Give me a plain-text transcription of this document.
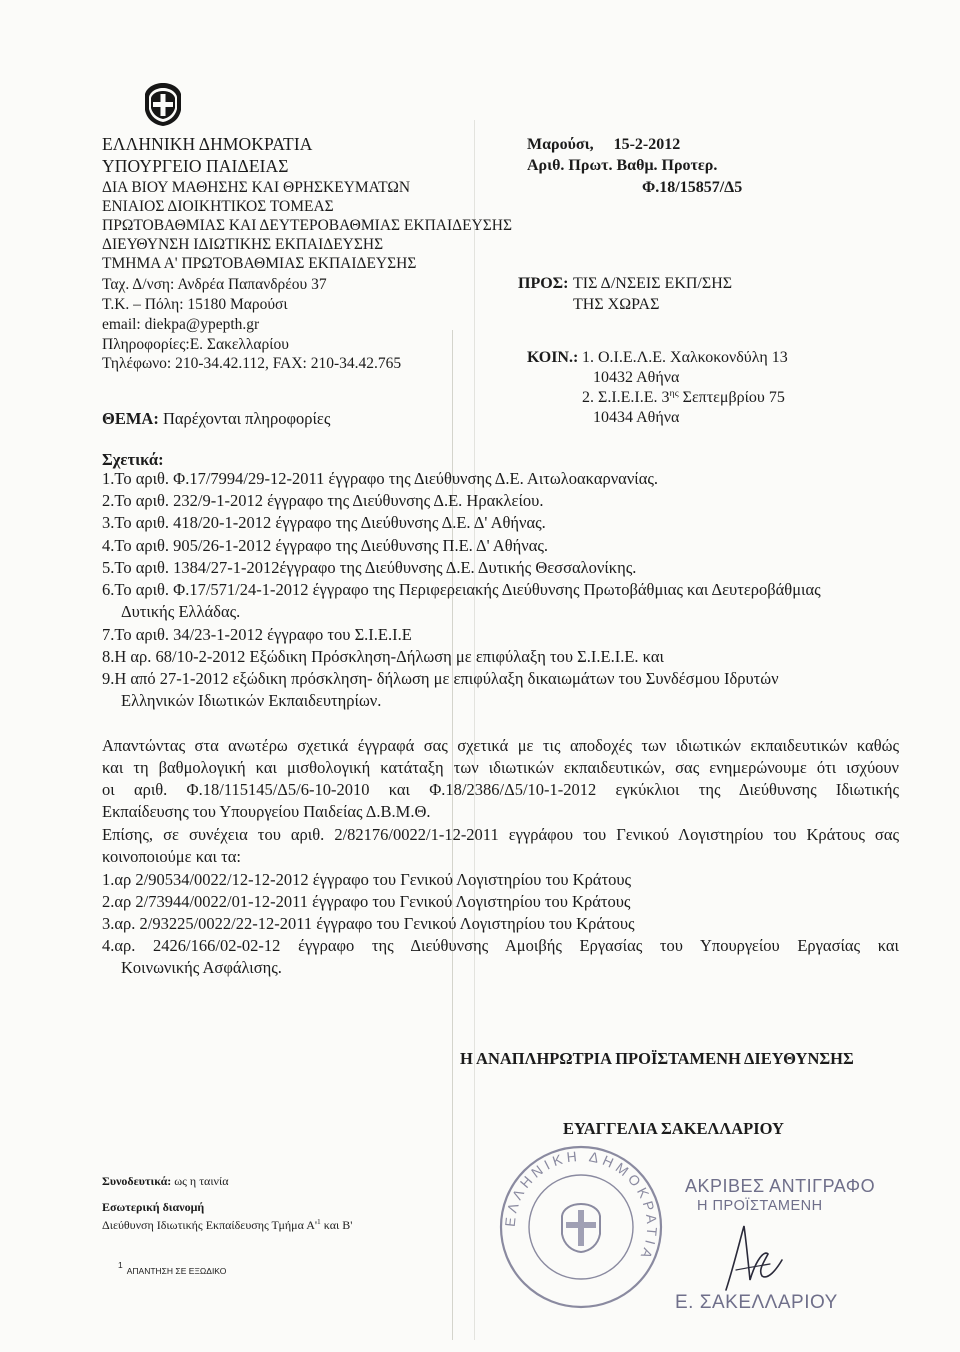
ΕΛΛΗΝΙΚΗ ΔΗΜΟΚΡΑΤΙΑ
ΥΠΟΥΡΓΕΙΟ ΠΑΙΔΕΙΑΣ
ΔΙΑ ΒΙΟΥ ΜΑΘΗΣΗΣ ΚΑΙ ΘΡΗΣΚΕΥΜΑΤΩΝ
ΕΝΙΑΙΟΣ ΔΙΟΙΚΗΤΙΚΟΣ ΤΟΜΕΑΣ
ΠΡΩΤΟΒΑΘΜΙΑΣ ΚΑΙ ΔΕΥΤΕΡΟΒΑΘΜΙΑΣ ΕΚΠΑΙΔΕΥΣΗΣ
ΔΙΕΥΘΥΝΣΗ ΙΔΙΩΤΙΚΗΣ ΕΚΠΑΙΔΕΥΣΗΣ
ΤΜΗΜΑ Α' ΠΡΩΤΟΒΑΘΜΙΑΣ ΕΚΠΑΙΔΕΥΣΗΣ
Ταχ. Δ/νση: Ανδρέα Παπανδρέου 37
Τ.Κ. – Πόλη: 15180 Μαρούσι
email: diekpa@ypepth.gr
Πληροφορίες:Ε. Σακελλαρίου
Τηλέφωνο: 210-34.42.112, FAX: 210-34.42.765
Μαρούσι,     15-2-2012
Αριθ. Πρωτ. Βαθμ. Προτερ.
Φ.18/15857/Δ5
ΠΡΟΣ: ΤΙΣ Δ/ΝΣΕΙΣ ΕΚΠ/ΣΗΣ
ΤΗΣ ΧΩΡΑΣ
ΚΟΙΝ.: 1. Ο.Ι.Ε.Λ.Ε. Χαλκοκονδύλη 13
10432 Αθήνα
2. Σ.Ι.Ε.Ι.Ε. $3^{\eta\varsigma}$ Σεπτεμβρίου 75
10434 Αθήνα
ΘΕΜΑ: Παρέχονται πληροφορίες
Σχετικά:
1.Το αριθ. Φ.17/7994/29-12-2011 έγγραφο της Διεύθυνσης Δ.Ε. Αιτωλοακαρνανίας.
2.Το αριθ. 232/9-1-2012 έγγραφο της Διεύθυνσης Δ.Ε. Ηρακλείου.
3.Το αριθ. 418/20-1-2012 έγγραφο της Διεύθυνσης Δ.Ε. Δ' Αθήνας.
4.Το αριθ. 905/26-1-2012 έγγραφο της Διεύθυνσης Π.Ε. Δ' Αθήνας.
5.Το αριθ. 1384/27-1-2012έγγραφο της Διεύθυνσης Δ.Ε. Δυτικής Θεσσαλονίκης.
6.Το αριθ. Φ.17/571/24-1-2012 έγγραφο της Περιφερειακής Διεύθυνσης Πρωτοβάθμιας και Δευτεροβάθμιας
Δυτικής Ελλάδας.
7.Το αριθ. 34/23-1-2012 έγγραφο του Σ.Ι.Ε.Ι.Ε
8.Η αρ. 68/10-2-2012 Εξώδικη Πρόσκληση-Δήλωση με επιφύλαξη του Σ.Ι.Ε.Ι.Ε. και
9.Η από 27-1-2012 εξώδικη πρόσκληση- δήλωση με επιφύλαξη δικαιωμάτων του Συνδέσμου Ιδρυτών
Ελληνικών Ιδιωτικών Εκπαιδευτηρίων.
Απαντώντας στα ανωτέρω σχετικά έγγραφά σας σχετικά με τις αποδοχές των ιδιωτικών εκπαιδευτικών καθώς
και τη βαθμολογική και μισθολογική κατάταξη των ιδιωτικών εκπαιδευτικών, σας ενημερώνουμε ότι ισχύουν
οι αριθ. Φ.18/115145/Δ5/6-10-2010 και Φ.18/2386/Δ5/10-1-2012 εγκύκλιοι της Διεύθυνσης Ιδιωτικής
Εκπαίδευσης του Υπουργείου Παιδείας Δ.Β.Μ.Θ.
Επίσης, σε συνέχεια του αριθ. 2/82176/0022/1-12-2011 εγγράφου του Γενικού Λογιστηρίου του Κράτους σας
κοινοποιούμε και τα:
1.αρ 2/90534/0022/12-12-2012 έγγραφο του Γενικού Λογιστηρίου του Κράτους
2.αρ 2/73944/0022/01-12-2011 έγγραφο του Γενικού Λογιστηρίου του Κράτους
3.αρ. 2/93225/0022/22-12-2011 έγγραφο του Γενικού Λογιστηρίου του Κράτους
4.αρ. 2426/166/02-02-12 έγγραφο της Διεύθυνσης Αμοιβής Εργασίας του Υπουργείου Εργασίας και
Κοινωνικής Ασφάλισης.
Η ΑΝΑΠΛΗΡΩΤΡΙΑ ΠΡΟΪΣΤΑΜΕΝΗ ΔΙΕΥΘΥΝΣΗΣ
ΕΥΑΓΓΕΛΙΑ ΣΑΚΕΛΛΑΡΙΟΥ
Συνοδευτικά: ως η ταινία
Εσωτερική διανομή
Διεύθυνση Ιδιωτικής Εκπαίδευσης Τμήμα $A'^1$ και Β'	ΕΛΛΗΝΙΚΗ ΔΗΜΟΚΡΑΤΙΑ
ΑΚΡΙΒΕΣ ΑΝΤΙΓΡΑΦΟ
Η ΠΡΟΪΣΤΑΜΕΝΗ
Ε. ΣΑΚΕΛΛΑΡΙΟΥ
$^1$ ΑΠΑΝΤΗΣΗ ΣΕ ΕΞΩΔΙΚΟ
